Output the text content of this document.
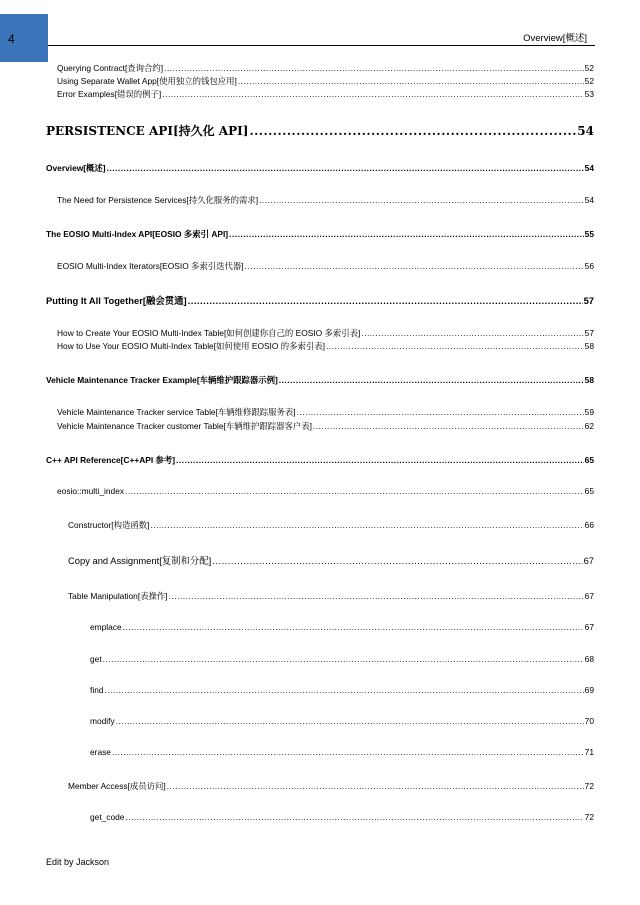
4	Overview[概述]
Querying Contract[查询合约] .....	52
Using Separate Wallet App[使用独立的钱包应用] .....	52
Error Examples[错误的例子] .....	53
PERSISTENCE API[持久化 API] .....	54
Overview[概述] .....	54
The Need for Persistence Services[持久化服务的需求] .....	54
The EOSIO Multi-Index API[EOSIO 多索引 API] .....	55
EOSIO Multi-Index Iterators[EOSIO 多索引迭代器] .....	56
Putting It All Together[融会贯通] .....	57
How to Create Your EOSIO Multi-Index Table[如何创建你自己的 EOSIO 多索引表] .....	57
How to Use Your EOSIO Multi-Index Table[如何使用 EOSIO 的多索引表] .....	58
Vehicle Maintenance Tracker Example[车辆维护跟踪器示例] .....	58
Vehicle Maintenance Tracker service Table[车辆维修跟踪服务表] .....	59
Vehicle Maintenance Tracker customer Table[车辆维护跟踪器客户表] .....	62
C++ API Reference[C++API 参考] .....	65
eosio::multi_index .....	65
Constructor[构造函数] .....	66
Copy and Assignment[复制和分配] .....	67
Table Manipulation[表操作] .....	67
emplace .....	67
get .....	68
find .....	69
modify .....	70
erase .....	71
Member Access[成员访问] .....	72
get_code .....	72
Edit by Jackson
